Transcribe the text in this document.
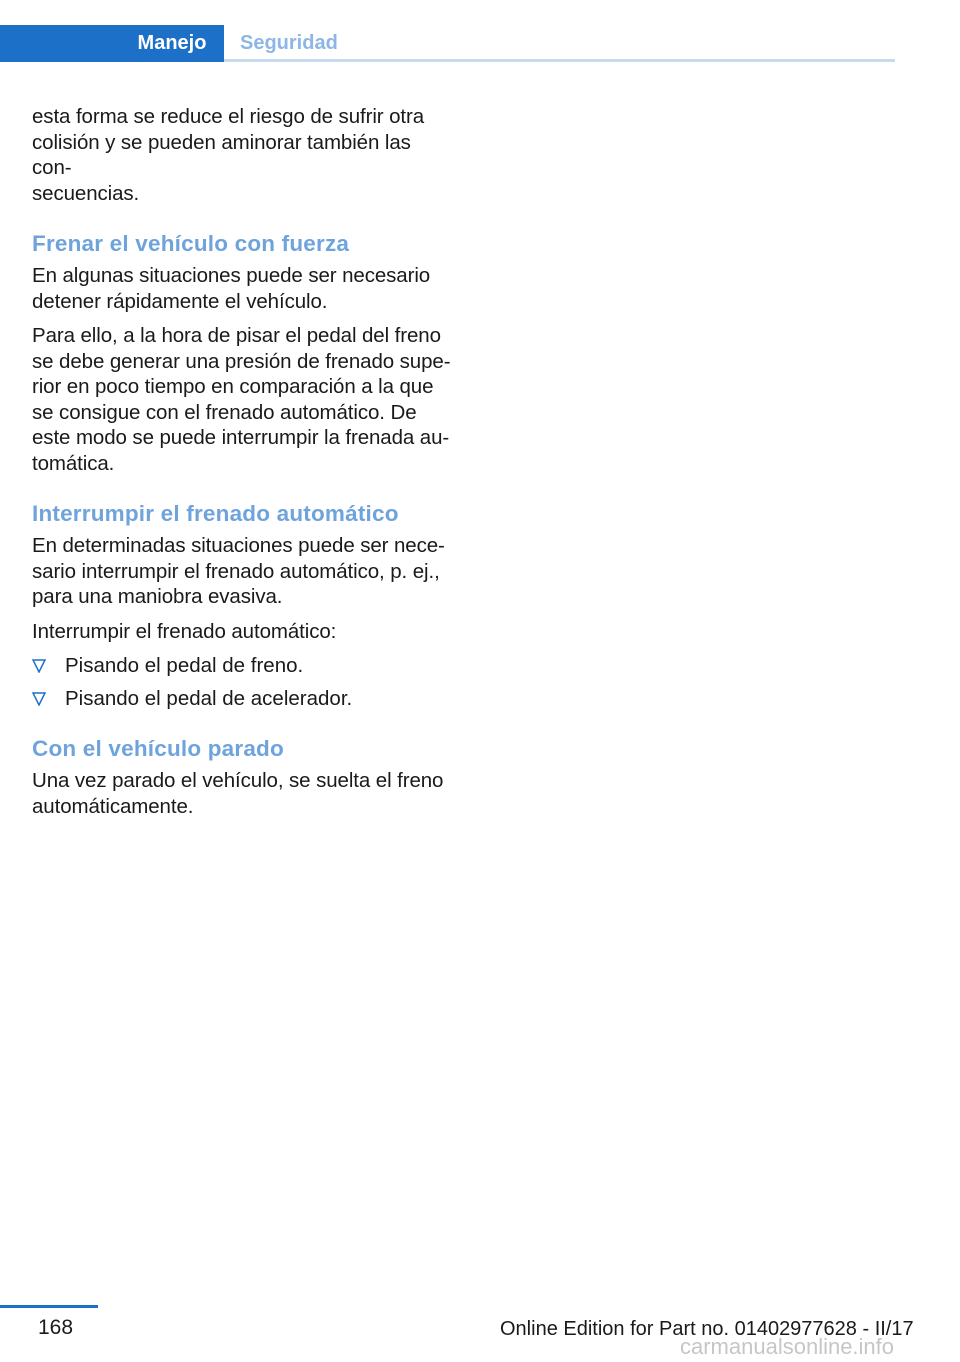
Manejo	Seguridad

esta forma se reduce el riesgo de sufrir otra
colisión y se pueden aminorar también las con‐
secuencias.

Frenar el vehículo con fuerza

En algunas situaciones puede ser necesario
detener rápidamente el vehículo.

Para ello, a la hora de pisar el pedal del freno
se debe generar una presión de frenado supe‐
rior en poco tiempo en comparación a la que
se consigue con el frenado automático. De
este modo se puede interrumpir la frenada au‐
tomática.

Interrumpir el frenado automático

En determinadas situaciones puede ser nece‐
sario interrumpir el frenado automático, p. ej.,
para una maniobra evasiva.

Interrumpir el frenado automático:

Pisando el pedal de freno.
Pisando el pedal de acelerador.
Con el vehículo parado

Una vez parado el vehículo, se suelta el freno
automáticamente.

168	Online Edition for Part no. 01402977628 - II/17
carmanualsonline.info
